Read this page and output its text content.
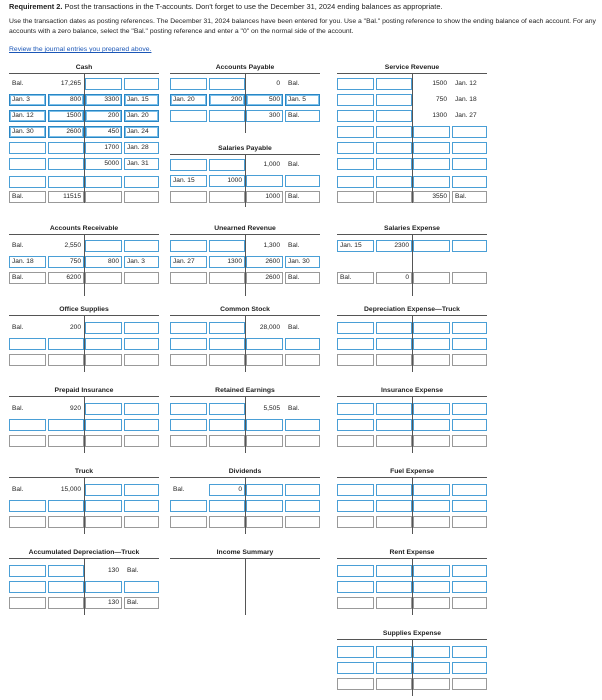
Requirement 2. Post the transactions in the T-accounts. Don't forget to use the December 31, 2024 ending balances as appropriate.
Use the transaction dates as posting references. The December 31, 2024 balances have been entered for you. Use a "Bal." posting reference to show the ending balance of each account. For any accounts with a zero balance, select the "Bal." posting reference and enter a "0" on the normal side of the account.
Review the journal entries you prepared above.
Cash
Bal.	17,265
Jan. 3	800	3300	Jan. 15
Jan. 12	1500	200	Jan. 20
Jan. 30	2600	450	Jan. 24
1700	Jan. 28
5000	Jan. 31
Bal.	11515
Accounts Payable
0	Bal.
Jan. 20	200	500	Jan. 5
300	Bal.
Service Revenue
1500	Jan. 12
750	Jan. 18
1300	Jan. 27
3550	Bal.
Salaries Payable
1,000	Bal.
Jan. 15	1000
1000	Bal.
Accounts Receivable
Bal.	2,550
Jan. 18	750	800	Jan. 3
Bal.	6200
Unearned Revenue
1,300	Bal.
Jan. 27	1300	2600	Jan. 30
2600	Bal.
Salaries Expense
Jan. 15	2300
Bal.	0
Office Supplies
Bal.	200
Common Stock
28,000	Bal.
Depreciation Expense—Truck
Prepaid Insurance
Bal.	920
Retained Earnings
5,505	Bal.
Insurance Expense
Truck
Bal.	15,000
Dividends
Bal.	0
Fuel Expense
Accumulated Depreciation—Truck
130	Bal.
130	Bal.
Income Summary	Rent Expense
Supplies Expense
